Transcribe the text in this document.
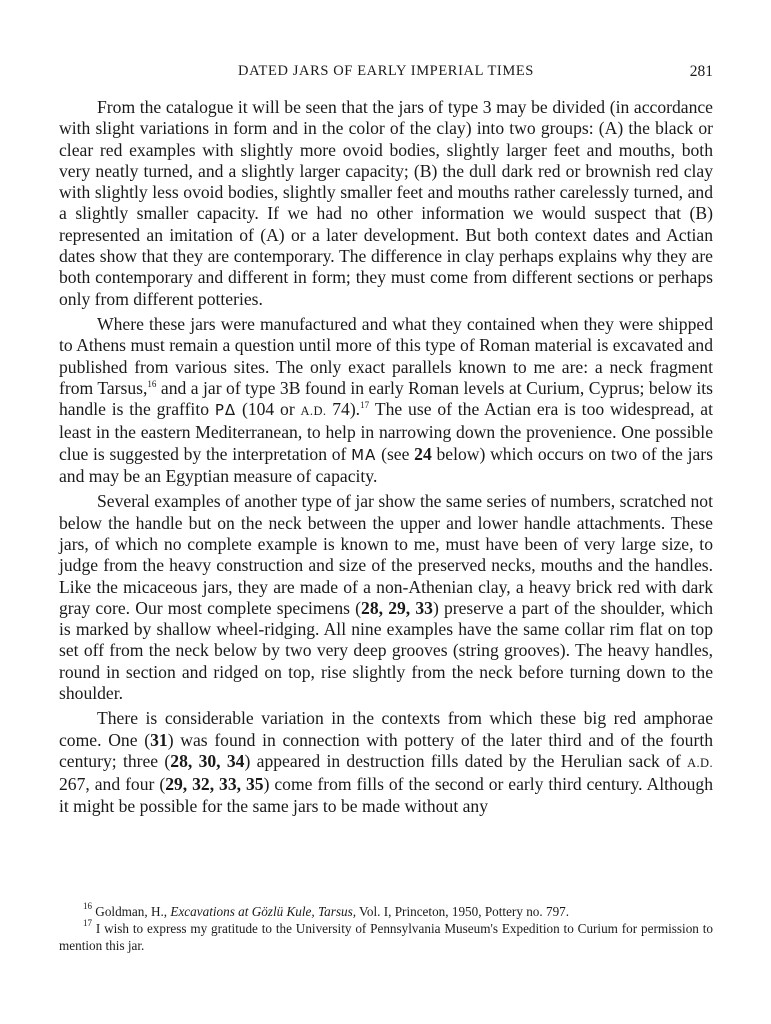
DATED JARS OF EARLY IMPERIAL TIMES	281

From the catalogue it will be seen that the jars of type 3 may be divided (in accordance with slight variations in form and in the color of the clay) into two groups: (A) the black or clear red examples with slightly more ovoid bodies, slightly larger feet and mouths, both very neatly turned, and a slightly larger capacity; (B) the dull dark red or brownish red clay with slightly less ovoid bodies, slightly smaller feet and mouths rather carelessly turned, and a slightly smaller capacity. If we had no other information we would suspect that (B) represented an imitation of (A) or a later development. But both context dates and Actian dates show that they are contemporary. The difference in clay perhaps explains why they are both contemporary and different in form; they must come from different sections or perhaps only from different potteries.

Where these jars were manufactured and what they contained when they were shipped to Athens must remain a question until more of this type of Roman material is excavated and published from various sites. The only exact parallels known to me are: a neck fragment from Tarsus,$^{16}$ and a jar of type 3B found in early Roman levels at Curium, Cyprus; below its handle is the graffito PΔ (104 or A.D. 74).$^{17}$ The use of the Actian era is too widespread, at least in the eastern Mediterranean, to help in narrowing down the provenience. One possible clue is suggested by the interpretation of MA (see 24 below) which occurs on two of the jars and may be an Egyptian measure of capacity.

Several examples of another type of jar show the same series of numbers, scratched not below the handle but on the neck between the upper and lower handle attachments. These jars, of which no complete example is known to me, must have been of very large size, to judge from the heavy construction and size of the preserved necks, mouths and the handles. Like the micaceous jars, they are made of a non-Athenian clay, a heavy brick red with dark gray core. Our most complete specimens (28, 29, 33) preserve a part of the shoulder, which is marked by shallow wheel-ridging. All nine examples have the same collar rim flat on top set off from the neck below by two very deep grooves (string grooves). The heavy handles, round in section and ridged on top, rise slightly from the neck before turning down to the shoulder.

There is considerable variation in the contexts from which these big red amphorae come. One (31) was found in connection with pottery of the later third and of the fourth century; three (28, 30, 34) appeared in destruction fills dated by the Herulian sack of A.D. 267, and four (29, 32, 33, 35) come from fills of the second or early third century. Although it might be possible for the same jars to be made without any

$^{16}$ Goldman, H., Excavations at Gözlü Kule, Tarsus, Vol. I, Princeton, 1950, Pottery no. 797.

$^{17}$ I wish to express my gratitude to the University of Pennsylvania Museum's Expedition to Curium for permission to mention this jar.
